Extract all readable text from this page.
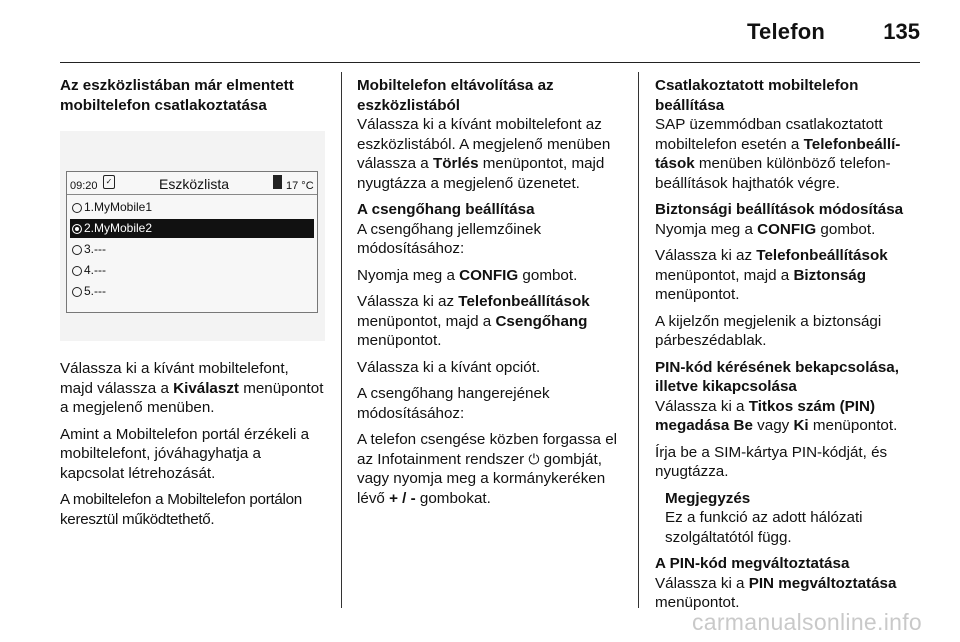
Telefon	135

Az eszközlistában már elmentett mobiltelefon csatlakoztatása

09:20	✓	Eszközlista	17 °C
1.MyMobile1
2.MyMobile2
3.---
4.---
5.---

Válassza ki a kívánt mobiltelefont, majd válassza a Kiválaszt menüpontot a megjelenő menüben.

Amint a Mobiltelefon portál érzékeli a mobiltelefont, jóváhagyhatja a kapcsolat létrehozását.

A mobiltelefon a Mobiltelefon portálon keresztül működtethető.

Mobiltelefon eltávolítása az eszközlistából

Válassza ki a kívánt mobiltelefont az eszközlistából. A megjelenő menüben válassza a Törlés menüpontot, majd nyugtázza a megjelenő üzenetet.

A csengőhang beállítása

A csengőhang jellemzőinek módosításához:

Nyomja meg a CONFIG gombot.

Válassza ki az Telefonbeállítások menüpontot, majd a Csengőhang menüpontot.

Válassza ki a kívánt opciót.

A csengőhang hangerejének módosításához:

A telefon csengése közben forgassa el az Infotainment rendszer ⏻ gombját, vagy nyomja meg a kormánykeréken lévő + / - gombokat.

Csatlakoztatott mobiltelefon beállítása

SAP üzemmódban csatlakoztatott mobiltelefon esetén a Telefonbeállí-tások menüben különböző telefon-beállítások hajthatók végre.

Biztonsági beállítások módosítása

Nyomja meg a CONFIG gombot.

Válassza ki az Telefonbeállítások menüpontot, majd a Biztonság menüpontot.

A kijelzőn megjelenik a biztonsági párbeszédablak.

PIN-kód kérésének bekapcsolása, illetve kikapcsolása

Válassza ki a Titkos szám (PIN) megadása Be vagy Ki menüpontot.

Írja be a SIM-kártya PIN-kódját, és nyugtázza.

Megjegyzés
Ez a funkció az adott hálózati szolgáltatótól függ.

A PIN-kód megváltoztatása

Válassza ki a PIN megváltoztatása menüpontot.

carmanualsonline.info
